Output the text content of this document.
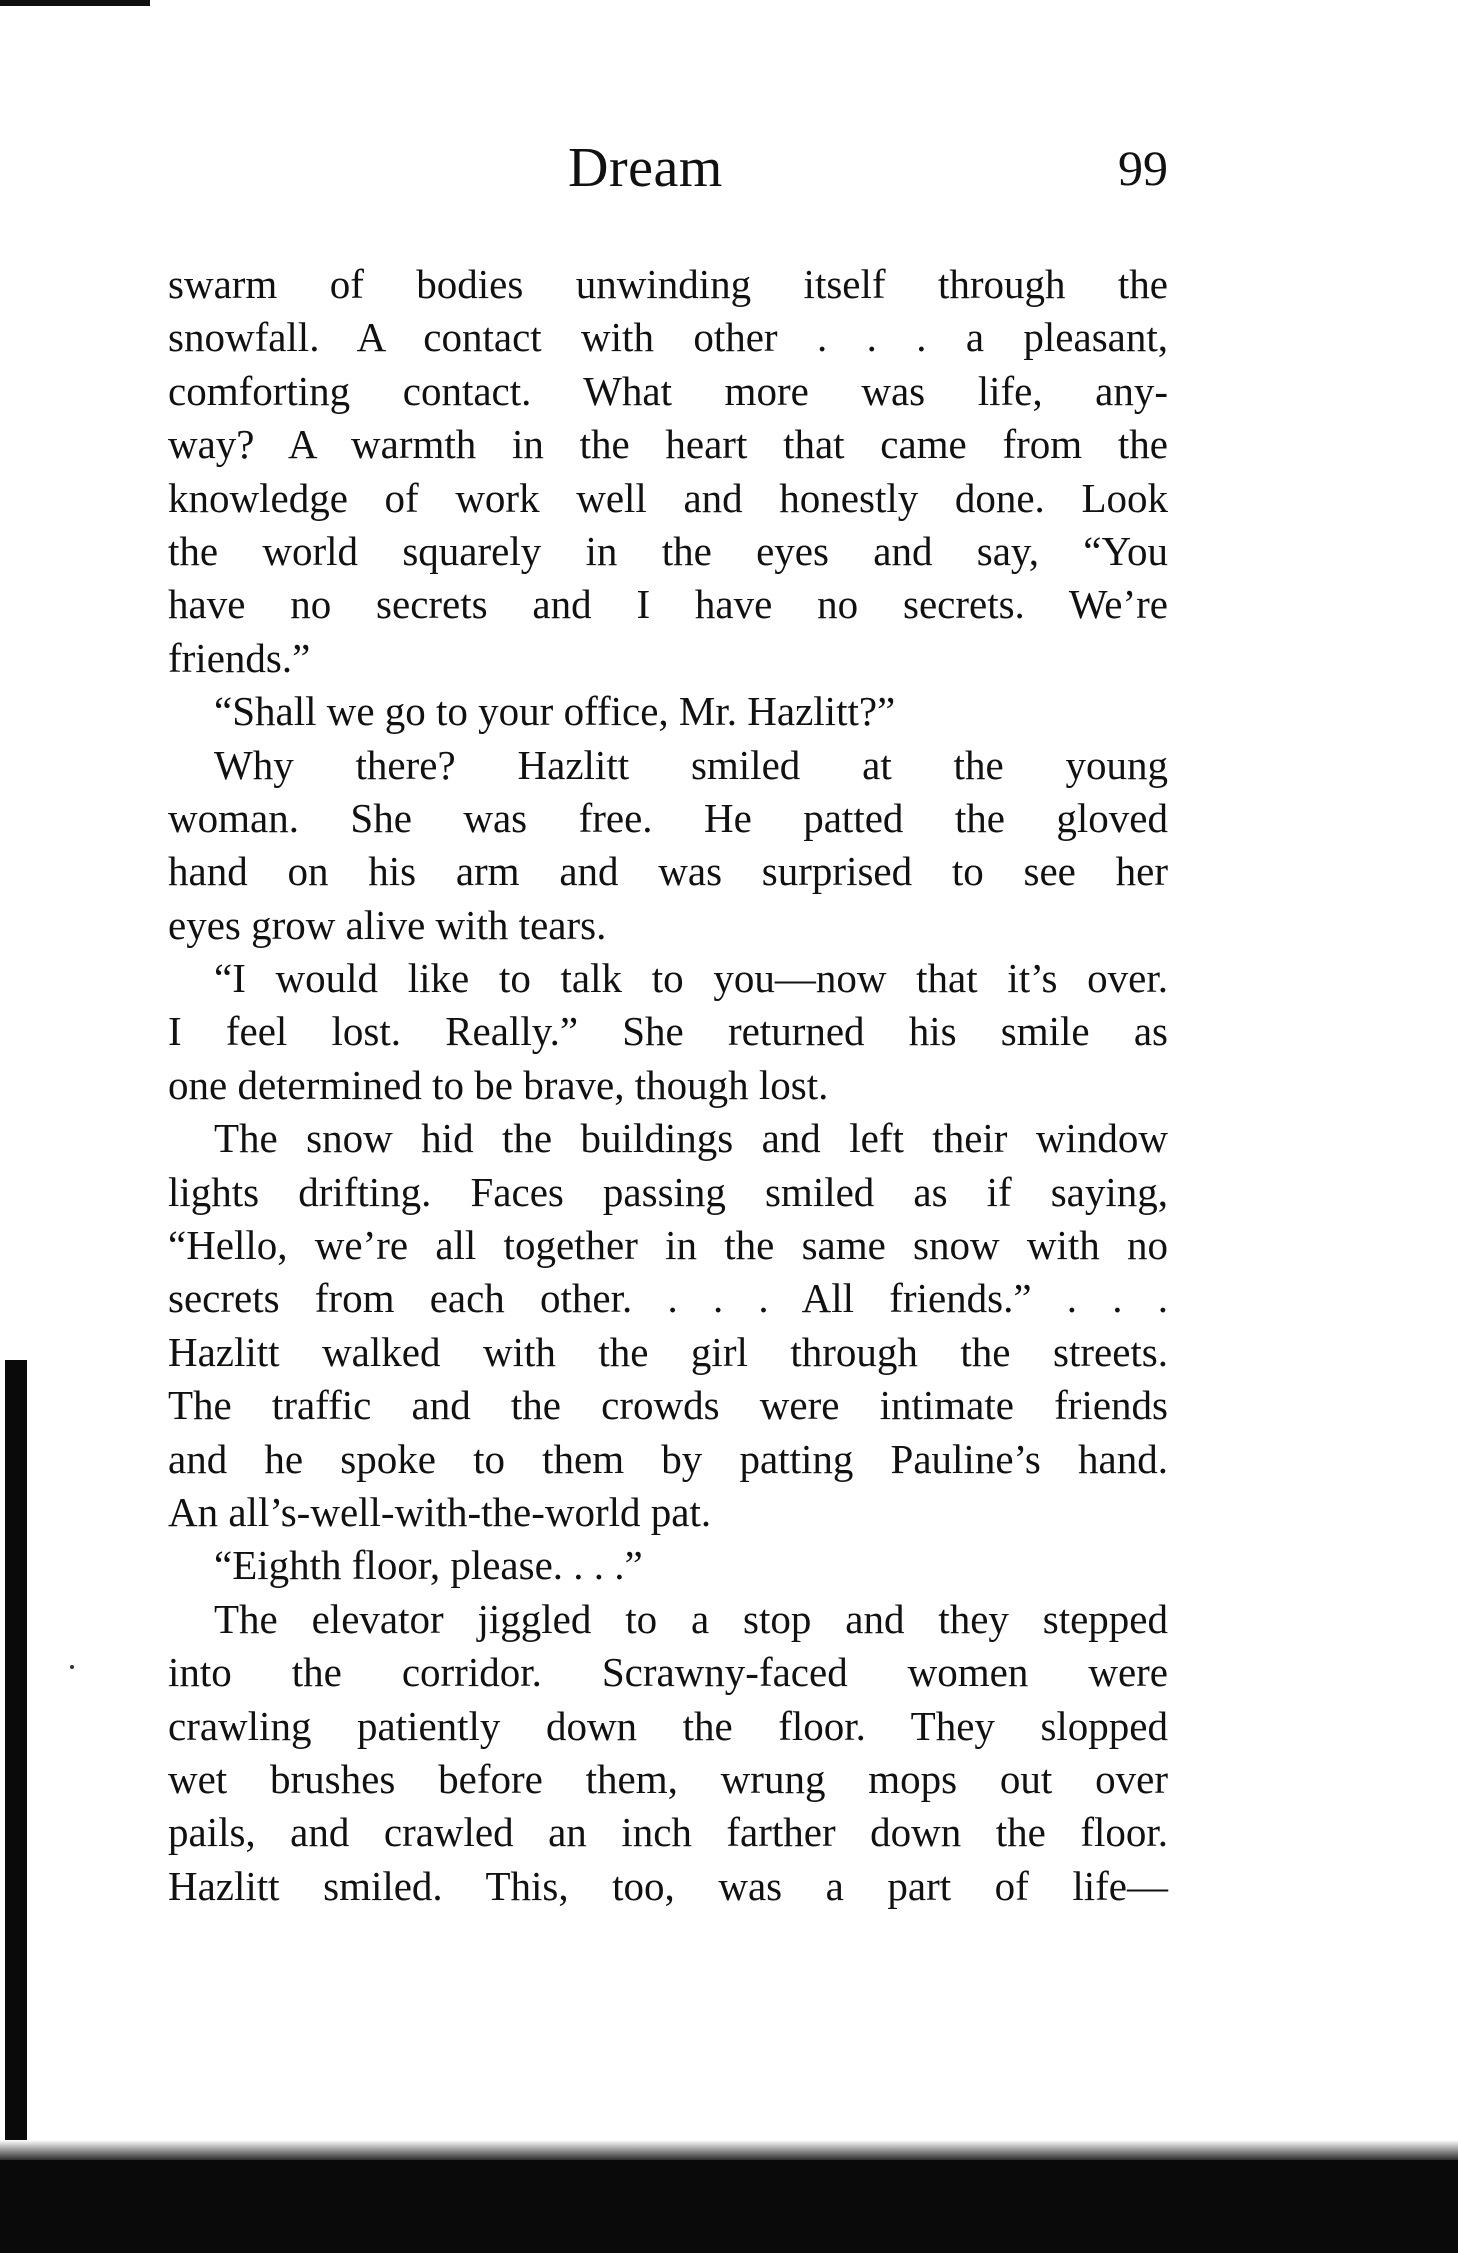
Dream	99
swarm of bodies unwinding itself through the
snowfall. A contact with other . . . a pleasant,
comforting contact. What more was life, any-
way? A warmth in the heart that came from the
knowledge of work well and honestly done. Look
the world squarely in the eyes and say, “You
have no secrets and I have no secrets. We’re
friends.”
“Shall we go to your office, Mr. Hazlitt?”
Why there? Hazlitt smiled at the young
woman. She was free. He patted the gloved
hand on his arm and was surprised to see her
eyes grow alive with tears.
“I would like to talk to you—now that it’s over.
I feel lost. Really.” She returned his smile as
one determined to be brave, though lost.
The snow hid the buildings and left their window
lights drifting. Faces passing smiled as if saying,
“Hello, we’re all together in the same snow with no
secrets from each other. . . . All friends.” . . .
Hazlitt walked with the girl through the streets.
The traffic and the crowds were intimate friends
and he spoke to them by patting Pauline’s hand.
An all’s-well-with-the-world pat.
“Eighth floor, please. . . .”
The elevator jiggled to a stop and they stepped
into the corridor. Scrawny-faced women were
crawling patiently down the floor. They slopped
wet brushes before them, wrung mops out over
pails, and crawled an inch farther down the floor.
Hazlitt smiled. This, too, was a part of life—
